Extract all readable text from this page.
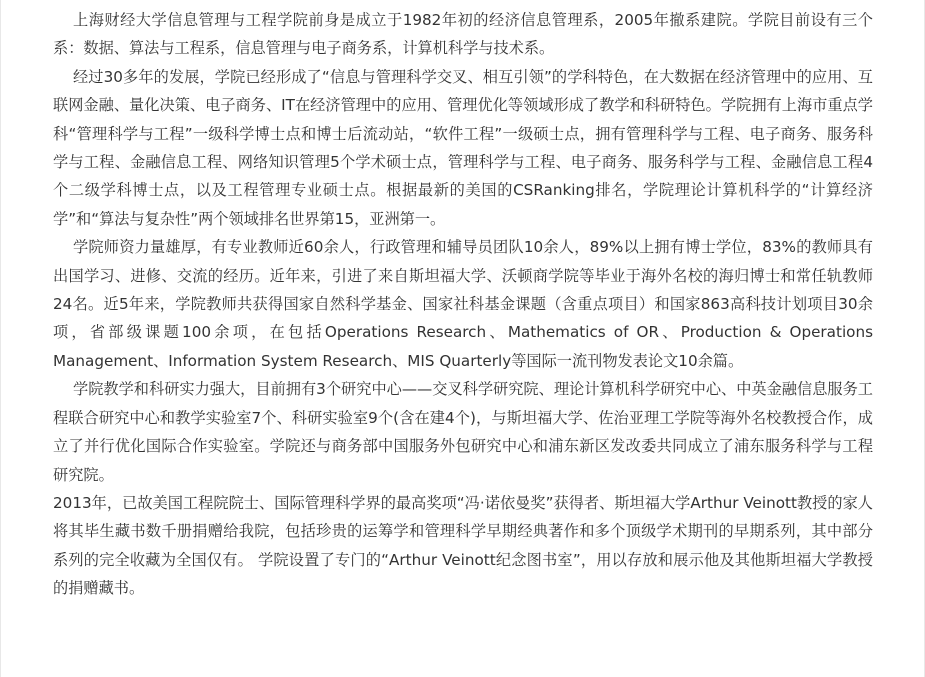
上海财经大学信息管理与工程学院前身是成立于1982年初的经济信息管理系，2005年撤系建院。学院目前设有三个系：数据、算法与工程系，信息管理与电子商务系，计算机科学与技术系。

经过30多年的发展，学院已经形成了“信息与管理科学交叉、相互引领”的学科特色，在大数据在经济管理中的应用、互联网金融、量化决策、电子商务、IT在经济管理中的应用、管理优化等领域形成了教学和科研特色。学院拥有上海市重点学科“管理科学与工程”一级科学博士点和博士后流动站，“软件工程”一级硕士点，拥有管理科学与工程、电子商务、服务科学与工程、金融信息工程、网络知识管理5个学术硕士点，管理科学与工程、电子商务、服务科学与工程、金融信息工程4个二级学科博士点，以及工程管理专业硕士点。根据最新的美国的CSRanking排名，学院理论计算机科学的“计算经济学”和“算法与复杂性”两个领域排名世界第15，亚洲第一。

学院师资力量雄厚，有专业教师近60余人，行政管理和辅导员团队10余人，89%以上拥有博士学位，83%的教师具有出国学习、进修、交流的经历。近年来，引进了来自斯坦福大学、沃顿商学院等毕业于海外名校的海归博士和常任轨教师24名。近5年来，学院教师共获得国家自然科学基金、国家社科基金课题（含重点项目）和国家863高科技计划项目30余项，省部级课题100余项，在包括Operations Research、Mathematics of OR、Production & Operations Management、Information System Research、MIS Quarterly等国际一流刊物发表论文10余篇。

学院教学和科研实力强大，目前拥有3个研究中心——交叉科学研究院、理论计算机科学研究中心、中英金融信息服务工程联合研究中心和教学实验室7个、科研实验室9个(含在建4个)，与斯坦福大学、佐治亚理工学院等海外名校教授合作，成立了并行优化国际合作实验室。学院还与商务部中国服务外包研究中心和浦东新区发改委共同成立了浦东服务科学与工程研究院。

2013年，已故美国工程院院士、国际管理科学界的最高奖项“冯·诺依曼奖”获得者、斯坦福大学Arthur Veinott教授的家人将其毕生藏书数千册捐赠给我院，包括珍贵的运筹学和管理科学早期经典著作和多个顶级学术期刊的早期系列，其中部分系列的完全收藏为全国仅有。 学院设置了专门的“Arthur Veinott纪念图书室”，用以存放和展示他及其他斯坦福大学教授的捐赠藏书。
